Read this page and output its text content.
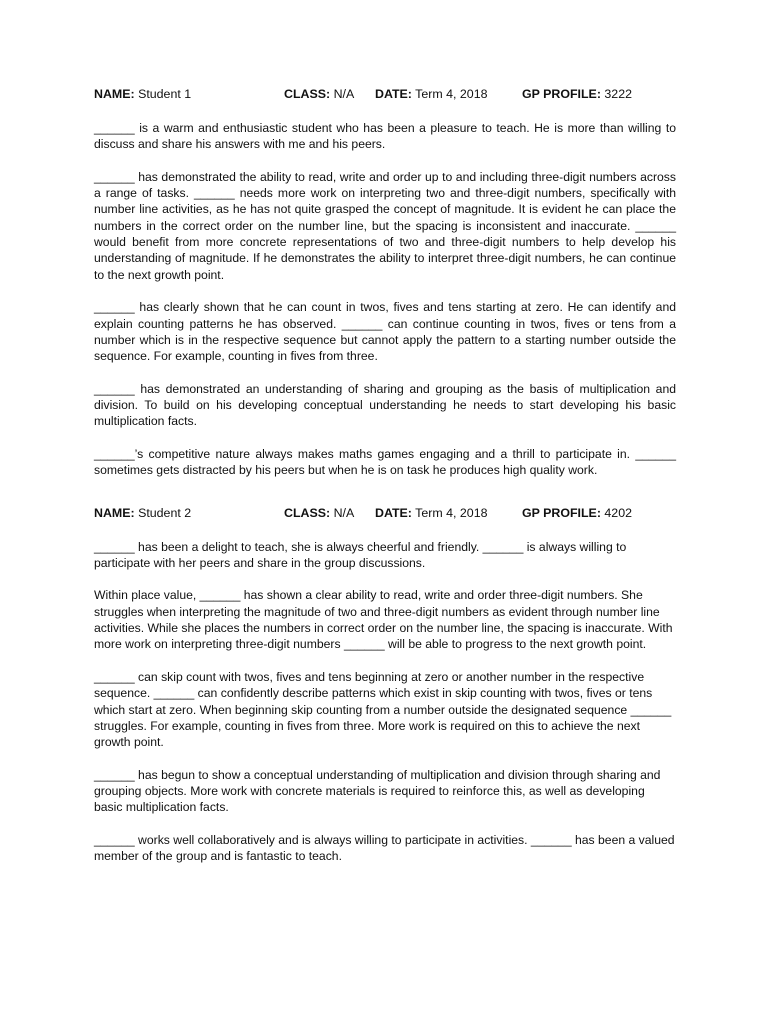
NAME: Student 1	CLASS: N/A DATE: Term 4, 2018	GP PROFILE: 3222

______ is a warm and enthusiastic student who has been a pleasure to teach. He is more than willing to discuss and share his answers with me and his peers.

______ has demonstrated the ability to read, write and order up to and including three-digit numbers across a range of tasks. ______ needs more work on interpreting two and three-digit numbers, specifically with number line activities, as he has not quite grasped the concept of magnitude. It is evident he can place the numbers in the correct order on the number line, but the spacing is inconsistent and inaccurate. ______ would benefit from more concrete representations of two and three-digit numbers to help develop his understanding of magnitude. If he demonstrates the ability to interpret three-digit numbers, he can continue to the next growth point.

______ has clearly shown that he can count in twos, fives and tens starting at zero. He can identify and explain counting patterns he has observed. ______ can continue counting in twos, fives or tens from a number which is in the respective sequence but cannot apply the pattern to a starting number outside the sequence. For example, counting in fives from three.

______ has demonstrated an understanding of sharing and grouping as the basis of multiplication and division. To build on his developing conceptual understanding he needs to start developing his basic multiplication facts.

______’s competitive nature always makes maths games engaging and a thrill to participate in. ______ sometimes gets distracted by his peers but when he is on task he produces high quality work.

NAME: Student 2	CLASS: N/A DATE: Term 4, 2018	GP PROFILE: 4202

______ has been a delight to teach, she is always cheerful and friendly. ______ is always willing to participate with her peers and share in the group discussions.

Within place value, ______ has shown a clear ability to read, write and order three-digit numbers. She struggles when interpreting the magnitude of two and three-digit numbers as evident through number line activities. While she places the numbers in correct order on the number line, the spacing is inaccurate. With more work on interpreting three-digit numbers ______ will be able to progress to the next growth point.

______ can skip count with twos, fives and tens beginning at zero or another number in the respective sequence. ______ can confidently describe patterns which exist in skip counting with twos, fives or tens which start at zero. When beginning skip counting from a number outside the designated sequence ______ struggles. For example, counting in fives from three. More work is required on this to achieve the next growth point.

______ has begun to show a conceptual understanding of multiplication and division through sharing and grouping objects. More work with concrete materials is required to reinforce this, as well as developing basic multiplication facts.

______ works well collaboratively and is always willing to participate in activities. ______ has been a valued member of the group and is fantastic to teach.
